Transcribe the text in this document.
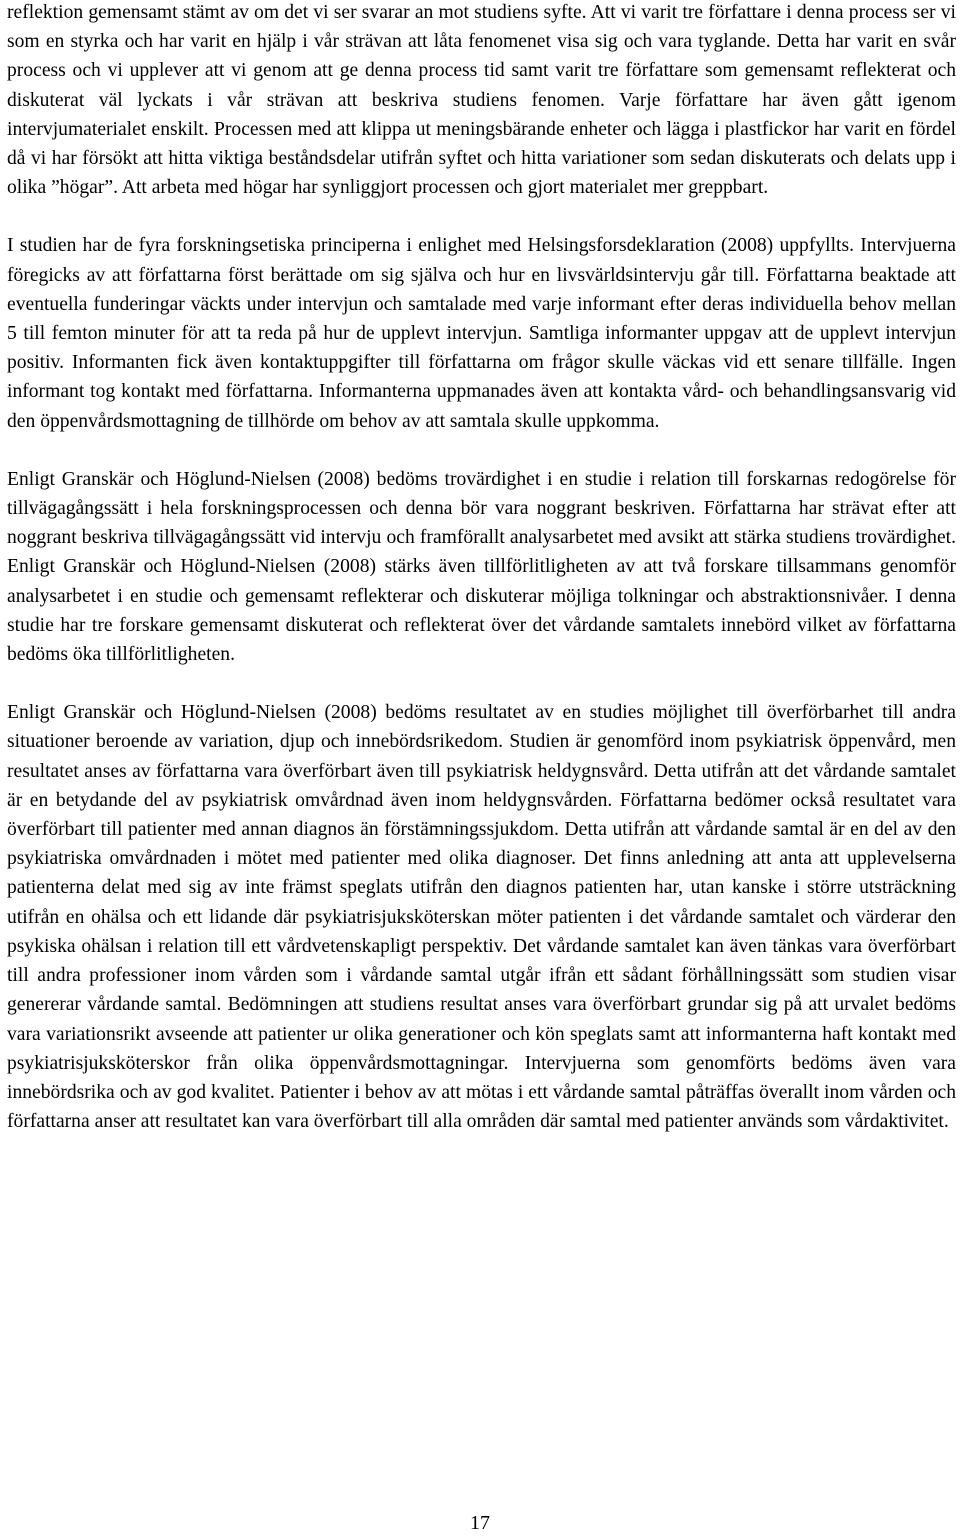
reflektion gemensamt stämt av om det vi ser svarar an mot studiens syfte. Att vi varit tre författare i denna process ser vi som en styrka och har varit en hjälp i vår strävan att låta fenomenet visa sig och vara tyglande. Detta har varit en svår process och vi upplever att vi genom att ge denna process tid samt varit tre författare som gemensamt reflekterat och diskuterat väl lyckats i vår strävan att beskriva studiens fenomen. Varje författare har även gått igenom intervjumaterialet enskilt. Processen med att klippa ut meningsbärande enheter och lägga i plastfickor har varit en fördel då vi har försökt att hitta viktiga beståndsdelar utifrån syftet och hitta variationer som sedan diskuterats och delats upp i olika ”högar”. Att arbeta med högar har synliggjort processen och gjort materialet mer greppbart.

I studien har de fyra forskningsetiska principerna i enlighet med Helsingsforsdeklaration (2008) uppfyllts. Intervjuerna föregicks av att författarna först berättade om sig själva och hur en livsvärldsintervju går till. Författarna beaktade att eventuella funderingar väckts under intervjun och samtalade med varje informant efter deras individuella behov mellan 5 till femton minuter för att ta reda på hur de upplevt intervjun. Samtliga informanter uppgav att de upplevt intervjun positiv. Informanten fick även kontaktuppgifter till författarna om frågor skulle väckas vid ett senare tillfälle. Ingen informant tog kontakt med författarna. Informanterna uppmanades även att kontakta vård- och behandlingsansvarig vid den öppenvårdsmottagning de tillhörde om behov av att samtala skulle uppkomma.

Enligt Granskär och Höglund-Nielsen (2008) bedöms trovärdighet i en studie i relation till forskarnas redogörelse för tillvägagångssätt i hela forskningsprocessen och denna bör vara noggrant beskriven. Författarna har strävat efter att noggrant beskriva tillvägagångssätt vid intervju och framförallt analysarbetet med avsikt att stärka studiens trovärdighet. Enligt Granskär och Höglund-Nielsen (2008) stärks även tillförlitligheten av att två forskare tillsammans genomför analysarbetet i en studie och gemensamt reflekterar och diskuterar möjliga tolkningar och abstraktionsnivåer. I denna studie har tre forskare gemensamt diskuterat och reflekterat över det vårdande samtalets innebörd vilket av författarna bedöms öka tillförlitligheten.

Enligt Granskär och Höglund-Nielsen (2008) bedöms resultatet av en studies möjlighet till överförbarhet till andra situationer beroende av variation, djup och innebördsrikedom. Studien är genomförd inom psykiatrisk öppenvård, men resultatet anses av författarna vara överförbart även till psykiatrisk heldygnsvård. Detta utifrån att det vårdande samtalet är en betydande del av psykiatrisk omvårdnad även inom heldygnsvården. Författarna bedömer också resultatet vara överförbart till patienter med annan diagnos än förstämningssjukdom. Detta utifrån att vårdande samtal är en del av den psykiatriska omvårdnaden i mötet med patienter med olika diagnoser. Det finns anledning att anta att upplevelserna patienterna delat med sig av inte främst speglats utifrån den diagnos patienten har, utan kanske i större utsträckning utifrån en ohälsa och ett lidande där psykiatrisjuksköterskan möter patienten i det vårdande samtalet och värderar den psykiska ohälsan i relation till ett vårdvetenskapligt perspektiv. Det vårdande samtalet kan även tänkas vara överförbart till andra professioner inom vården som i vårdande samtal utgår ifrån ett sådant förhållningssätt som studien visar genererar vårdande samtal. Bedömningen att studiens resultat anses vara överförbart grundar sig på att urvalet bedöms vara variationsrikt avseende att patienter ur olika generationer och kön speglats samt att informanterna haft kontakt med psykiatrisjuksköterskor från olika öppenvårdsmottagningar. Intervjuerna som genomförts bedöms även vara innebördsrika och av god kvalitet. Patienter i behov av att mötas i ett vårdande samtal påträffas överallt inom vården och författarna anser att resultatet kan vara överförbart till alla områden där samtal med patienter används som vårdaktivitet.

17
